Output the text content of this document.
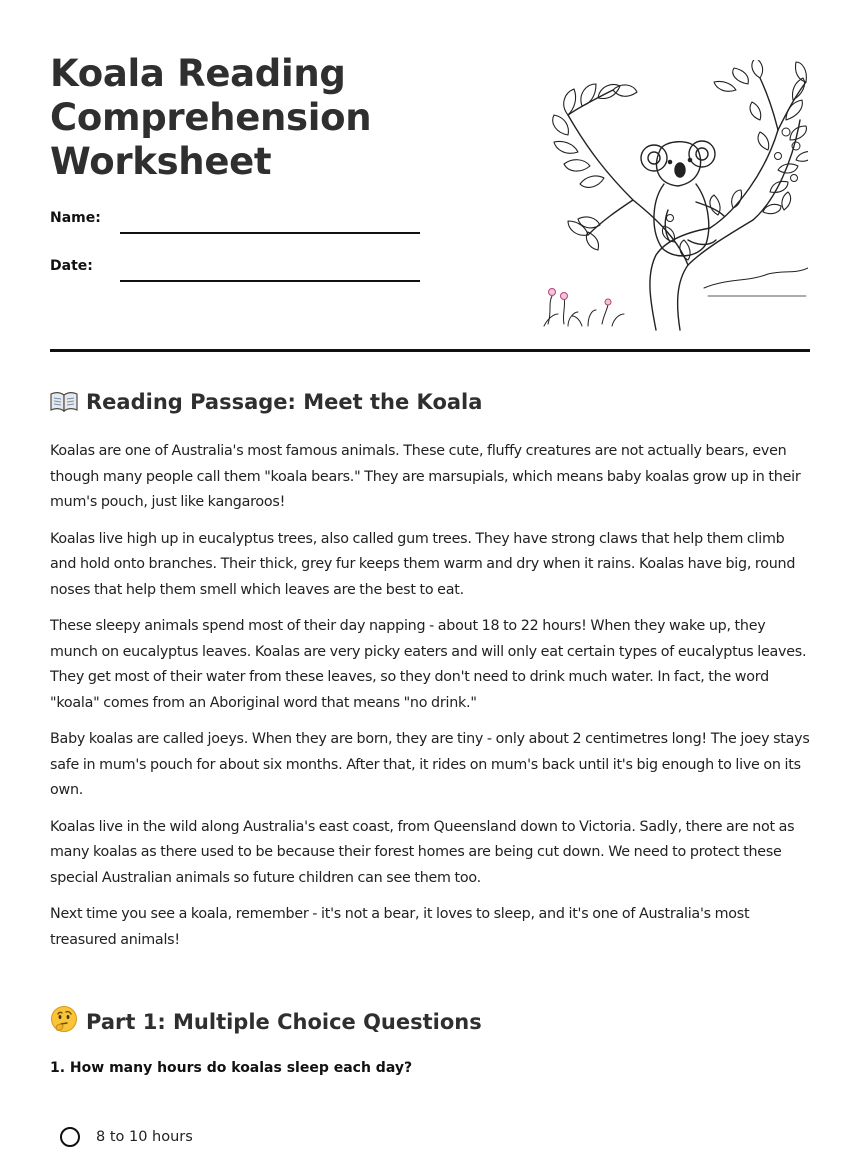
Koala Reading Comprehension Worksheet
Name:
Date:
Reading Passage: Meet the Koala

Koalas are one of Australia's most famous animals. These cute, fluffy creatures are not actually bears, even though many people call them "koala bears." They are marsupials, which means baby koalas grow up in their mum's pouch, just like kangaroos!

Koalas live high up in eucalyptus trees, also called gum trees. They have strong claws that help them climb and hold onto branches. Their thick, grey fur keeps them warm and dry when it rains. Koalas have big, round noses that help them smell which leaves are the best to eat.

These sleepy animals spend most of their day napping - about 18 to 22 hours! When they wake up, they munch on eucalyptus leaves. Koalas are very picky eaters and will only eat certain types of eucalyptus leaves. They get most of their water from these leaves, so they don't need to drink much water. In fact, the word "koala" comes from an Aboriginal word that means "no drink."

Baby koalas are called joeys. When they are born, they are tiny - only about 2 centimetres long! The joey stays safe in mum's pouch for about six months. After that, it rides on mum's back until it's big enough to live on its own.

Koalas live in the wild along Australia's east coast, from Queensland down to Victoria. Sadly, there are not as many koalas as there used to be because their forest homes are being cut down. We need to protect these special Australian animals so future children can see them too.

Next time you see a koala, remember - it's not a bear, it loves to sleep, and it's one of Australia's most treasured animals!

Part 1: Multiple Choice Questions

1. How many hours do koalas sleep each day?

8 to 10 hours
